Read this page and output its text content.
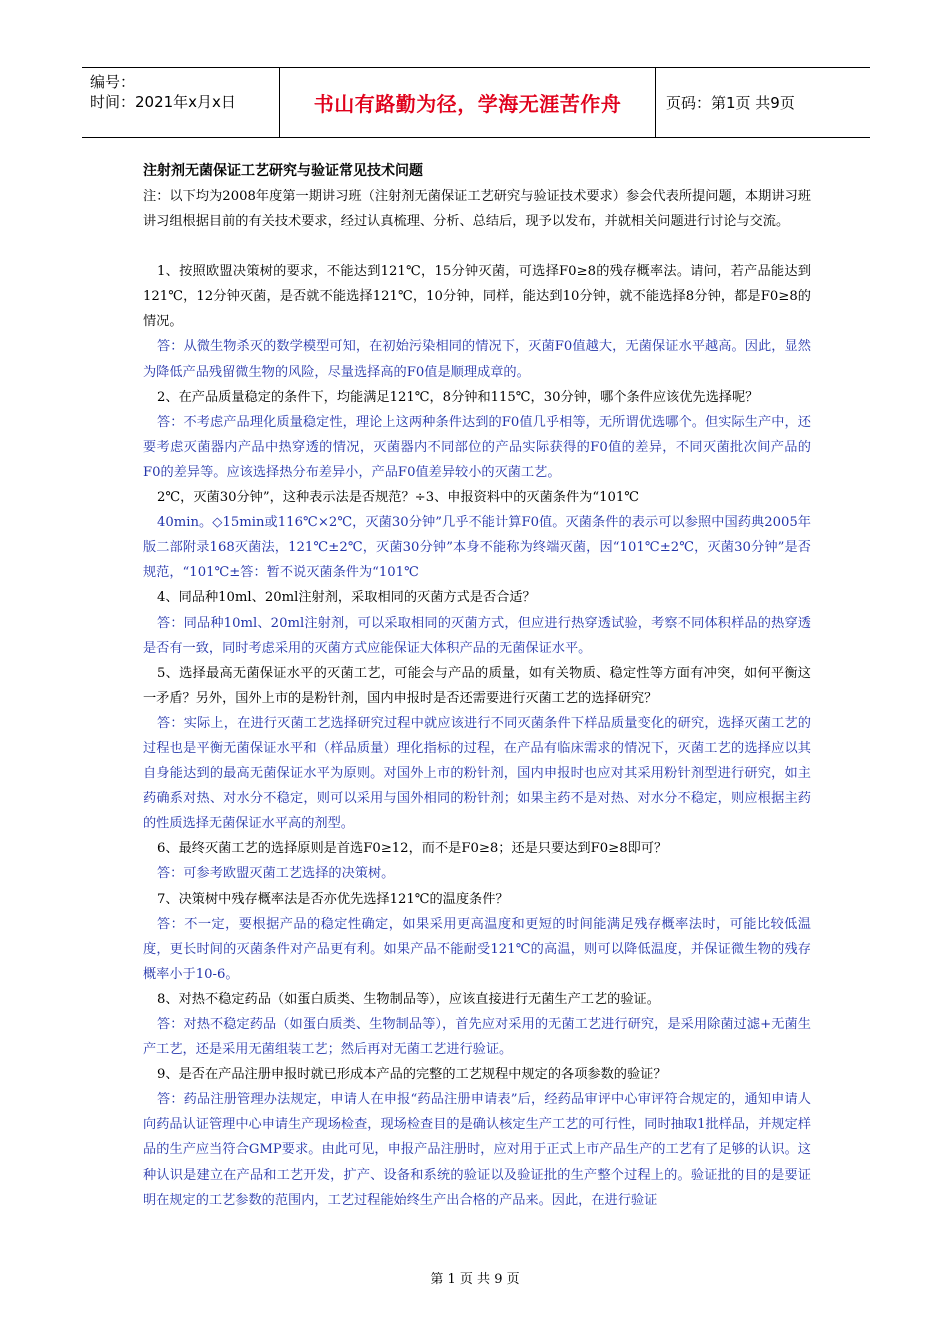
编号：
时间：2021年x月x日	书山有路勤为径，学海无涯苦作舟	页码：第1页 共9页
注射剂无菌保证工艺研究与验证常见技术问题

注：以下均为2008年度第一期讲习班（注射剂无菌保证工艺研究与验证技术要求）参会代表所提问题，本期讲习班讲习组根据目前的有关技术要求，经过认真梳理、分析、总结后，现予以发布，并就相关问题进行讨论与交流。

1、按照欧盟决策树的要求，不能达到121℃，15分钟灭菌，可选择F0≥8的残存概率法。请问，若产品能达到121℃，12分钟灭菌，是否就不能选择121℃，10分钟，同样，能达到10分钟，就不能选择8分钟，都是F0≥8的情况。

答：从微生物杀灭的数学模型可知，在初始污染相同的情况下，灭菌F0值越大，无菌保证水平越高。因此，显然为降低产品残留微生物的风险，尽量选择高的F0值是顺理成章的。

2、在产品质量稳定的条件下，均能满足121℃，8分钟和115℃，30分钟，哪个条件应该优先选择呢？

答：不考虑产品理化质量稳定性，理论上这两种条件达到的F0值几乎相等，无所谓优选哪个。但实际生产中，还要考虑灭菌器内产品中热穿透的情况，灭菌器内不同部位的产品实际获得的F0值的差异，不同灭菌批次间产品的F0的差异等。应该选择热分布差异小，产品F0值差异较小的灭菌工艺。

2℃，灭菌30分钟”，这种表示法是否规范？÷3、申报资料中的灭菌条件为“101℃

40min。◇15min或116℃×2℃，灭菌30分钟”几乎不能计算F0值。灭菌条件的表示可以参照中国药典2005年版二部附录168灭菌法，121℃±2℃，灭菌30分钟”本身不能称为终端灭菌，因“101℃±2℃，灭菌30分钟”是否规范，“101℃±答：暂不说灭菌条件为“101℃

4、同品种10ml、20ml注射剂，采取相同的灭菌方式是否合适？

答：同品种10ml、20ml注射剂，可以采取相同的灭菌方式，但应进行热穿透试验，考察不同体积样品的热穿透是否有一致，同时考虑采用的灭菌方式应能保证大体积产品的无菌保证水平。

5、选择最高无菌保证水平的灭菌工艺，可能会与产品的质量，如有关物质、稳定性等方面有冲突，如何平衡这一矛盾？另外，国外上市的是粉针剂，国内申报时是否还需要进行灭菌工艺的选择研究？

答：实际上，在进行灭菌工艺选择研究过程中就应该进行不同灭菌条件下样品质量变化的研究，选择灭菌工艺的过程也是平衡无菌保证水平和（样品质量）理化指标的过程，在产品有临床需求的情况下，灭菌工艺的选择应以其自身能达到的最高无菌保证水平为原则。对国外上市的粉针剂，国内申报时也应对其采用粉针剂型进行研究，如主药确系对热、对水分不稳定，则可以采用与国外相同的粉针剂；如果主药不是对热、对水分不稳定，则应根据主药的性质选择无菌保证水平高的剂型。

6、最终灭菌工艺的选择原则是首选F0≥12，而不是F0≥8；还是只要达到F0≥8即可？

答：可参考欧盟灭菌工艺选择的决策树。

7、决策树中残存概率法是否亦优先选择121℃的温度条件？

答：不一定，要根据产品的稳定性确定，如果采用更高温度和更短的时间能满足残存概率法时，可能比较低温度，更长时间的灭菌条件对产品更有利。如果产品不能耐受121℃的高温，则可以降低温度，并保证微生物的残存概率小于10-6。

8、对热不稳定药品（如蛋白质类、生物制品等），应该直接进行无菌生产工艺的验证。

答：对热不稳定药品（如蛋白质类、生物制品等），首先应对采用的无菌工艺进行研究，是采用除菌过滤+无菌生产工艺，还是采用无菌组装工艺；然后再对无菌工艺进行验证。

9、是否在产品注册申报时就已形成本产品的完整的工艺规程中规定的各项参数的验证？

答：药品注册管理办法规定，申请人在申报“药品注册申请表”后，经药品审评中心审评符合规定的，通知申请人向药品认证管理中心申请生产现场检查，现场检查目的是确认核定生产工艺的可行性，同时抽取1批样品，并规定样品的生产应当符合GMP要求。由此可见，申报产品注册时，应对用于正式上市产品生产的工艺有了足够的认识。这种认识是建立在产品和工艺开发，扩产、设备和系统的验证以及验证批的生产整个过程上的。验证批的目的是要证明在规定的工艺参数的范围内，工艺过程能始终生产出合格的产品来。因此，在进行验证

第 1 页 共 9 页
